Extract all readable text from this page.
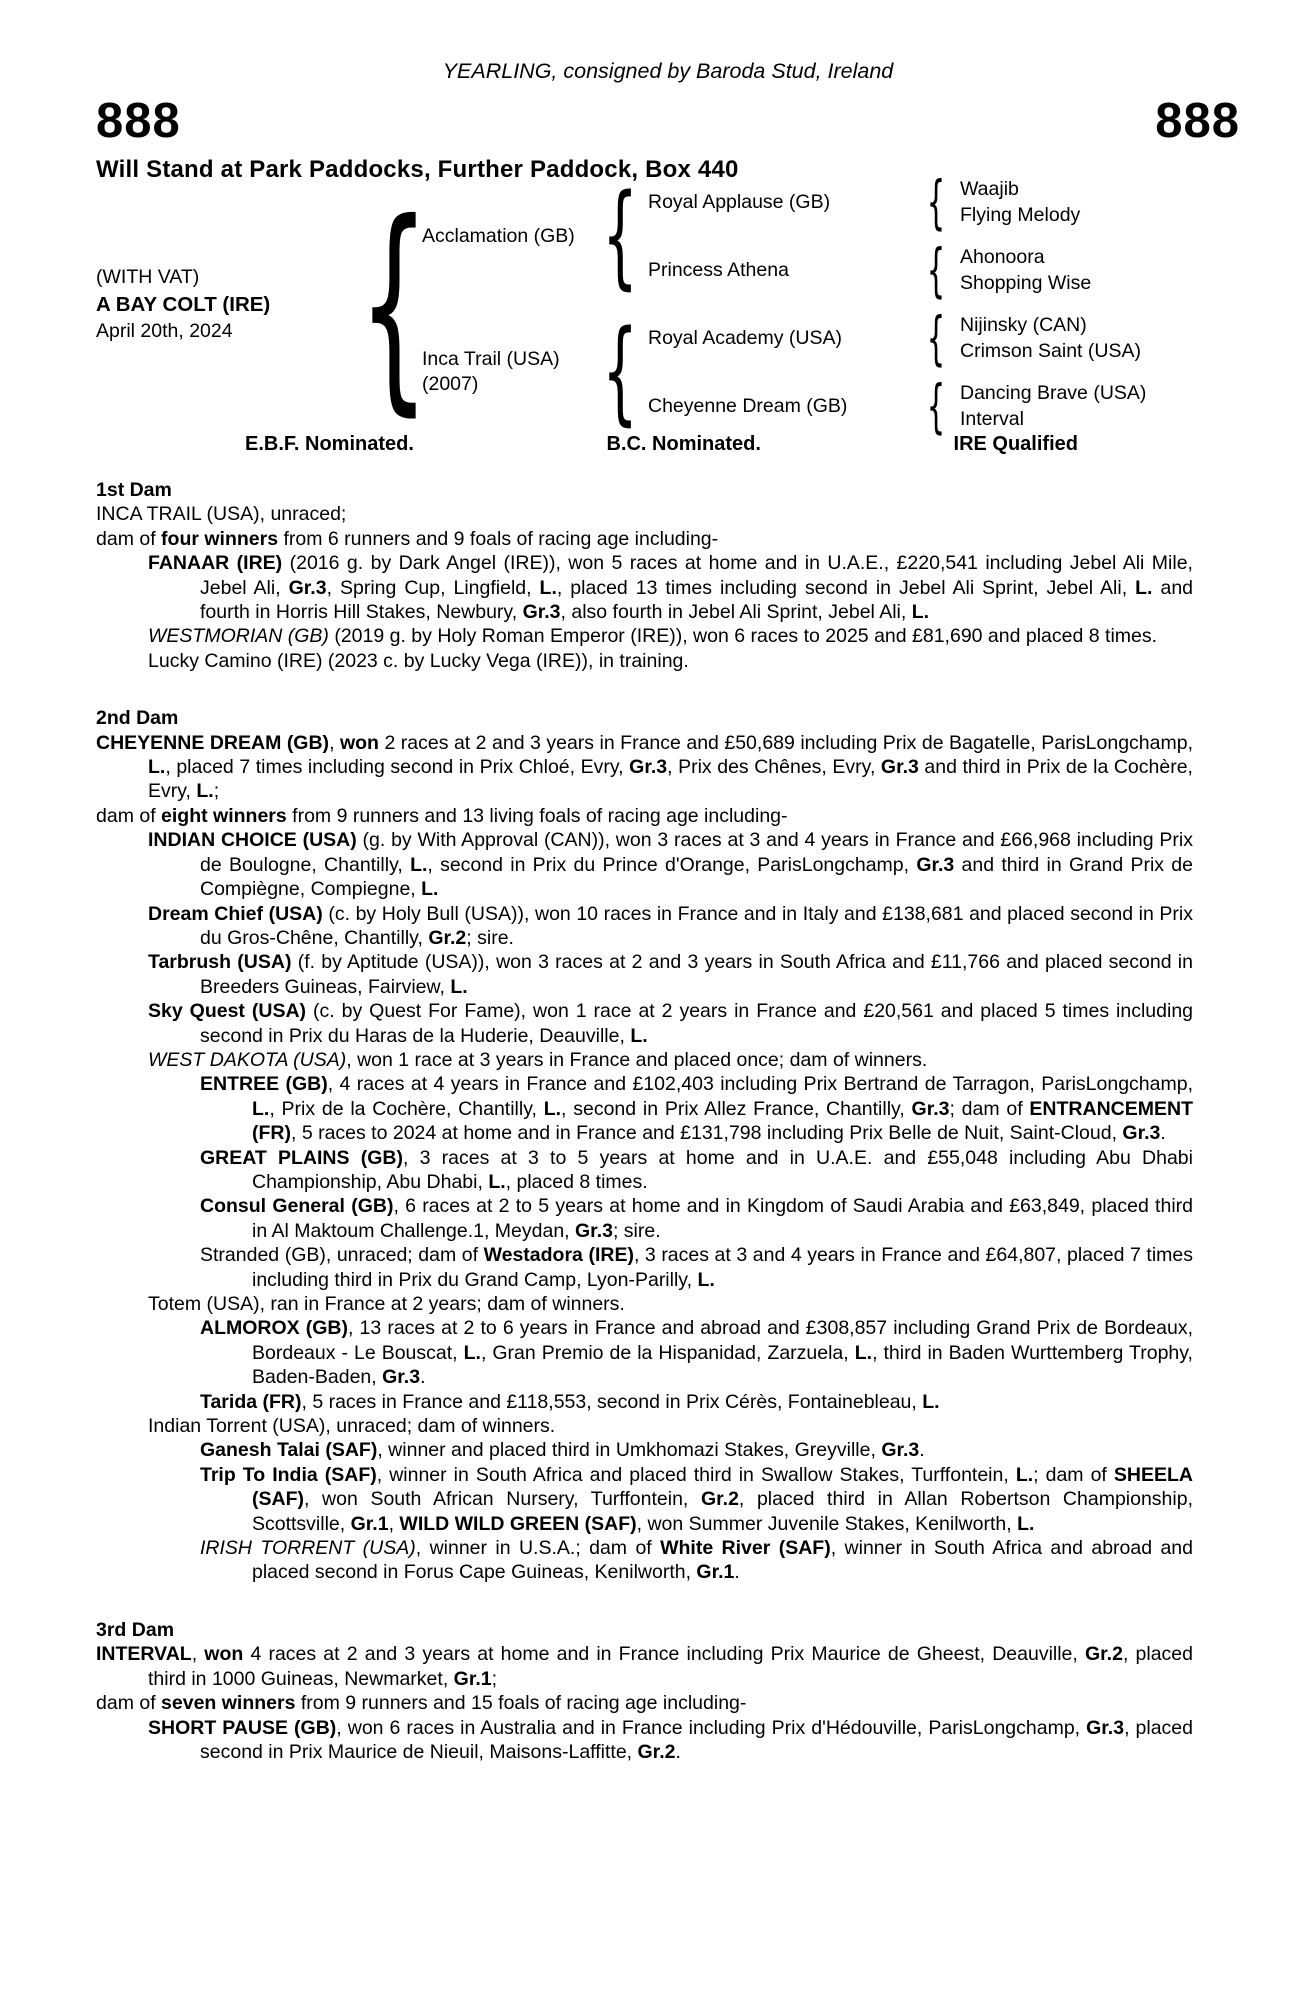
YEARLING, consigned by Baroda Stud, Ireland
888	888
Will Stand at Park Paddocks, Further Paddock, Box 440
(WITH VAT)
A BAY COLT (IRE)
April 20th, 2024 {
Acclamation (GB) { Royal Applause (GB)	{ Waajib
Flying Melody
Princess Athena	{ Ahonoora
Shopping Wise
Inca Trail (USA)
(2007)	{ Royal Academy (USA)	{ Nijinsky (CAN)
Crimson Saint (USA)
Cheyenne Dream (GB)	{ Dancing Brave (USA)
Interval
E.B.F. Nominated.	B.C. Nominated.	IRE Qualified
1st Dam

INCA TRAIL (USA), unraced;

dam of four winners from 6 runners and 9 foals of racing age including-

FANAAR (IRE) (2016 g. by Dark Angel (IRE)), won 5 races at home and in U.A.E., £220,541 including Jebel Ali Mile, Jebel Ali, Gr.3, Spring Cup, Lingfield, L., placed 13 times including second in Jebel Ali Sprint, Jebel Ali, L. and fourth in Horris Hill Stakes, Newbury, Gr.3, also fourth in Jebel Ali Sprint, Jebel Ali, L.

WESTMORIAN (GB) (2019 g. by Holy Roman Emperor (IRE)), won 6 races to 2025 and £81,690 and placed 8 times.

Lucky Camino (IRE) (2023 c. by Lucky Vega (IRE)), in training.

2nd Dam

CHEYENNE DREAM (GB), won 2 races at 2 and 3 years in France and £50,689 including Prix de Bagatelle, ParisLongchamp, L., placed 7 times including second in Prix Chloé, Evry, Gr.3, Prix des Chênes, Evry, Gr.3 and third in Prix de la Cochère, Evry, L.;

dam of eight winners from 9 runners and 13 living foals of racing age including-

INDIAN CHOICE (USA) (g. by With Approval (CAN)), won 3 races at 3 and 4 years in France and £66,968 including Prix de Boulogne, Chantilly, L., second in Prix du Prince d'Orange, ParisLongchamp, Gr.3 and third in Grand Prix de Compiègne, Compiegne, L.

Dream Chief (USA) (c. by Holy Bull (USA)), won 10 races in France and in Italy and £138,681 and placed second in Prix du Gros-Chêne, Chantilly, Gr.2; sire.

Tarbrush (USA) (f. by Aptitude (USA)), won 3 races at 2 and 3 years in South Africa and £11,766 and placed second in Breeders Guineas, Fairview, L.

Sky Quest (USA) (c. by Quest For Fame), won 1 race at 2 years in France and £20,561 and placed 5 times including second in Prix du Haras de la Huderie, Deauville, L.

WEST DAKOTA (USA), won 1 race at 3 years in France and placed once; dam of winners.

ENTREE (GB), 4 races at 4 years in France and £102,403 including Prix Bertrand de Tarragon, ParisLongchamp, L., Prix de la Cochère, Chantilly, L., second in Prix Allez France, Chantilly, Gr.3; dam of ENTRANCEMENT (FR), 5 races to 2024 at home and in France and £131,798 including Prix Belle de Nuit, Saint-Cloud, Gr.3.

GREAT PLAINS (GB), 3 races at 3 to 5 years at home and in U.A.E. and £55,048 including Abu Dhabi Championship, Abu Dhabi, L., placed 8 times.

Consul General (GB), 6 races at 2 to 5 years at home and in Kingdom of Saudi Arabia and £63,849, placed third in Al Maktoum Challenge.1, Meydan, Gr.3; sire.

Stranded (GB), unraced; dam of Westadora (IRE), 3 races at 3 and 4 years in France and £64,807, placed 7 times including third in Prix du Grand Camp, Lyon-Parilly, L.

Totem (USA), ran in France at 2 years; dam of winners.

ALMOROX (GB), 13 races at 2 to 6 years in France and abroad and £308,857 including Grand Prix de Bordeaux, Bordeaux - Le Bouscat, L., Gran Premio de la Hispanidad, Zarzuela, L., third in Baden Wurttemberg Trophy, Baden-Baden, Gr.3.

Tarida (FR), 5 races in France and £118,553, second in Prix Cérès, Fontainebleau, L.

Indian Torrent (USA), unraced; dam of winners.

Ganesh Talai (SAF), winner and placed third in Umkhomazi Stakes, Greyville, Gr.3.

Trip To India (SAF), winner in South Africa and placed third in Swallow Stakes, Turffontein, L.; dam of SHEELA (SAF), won South African Nursery, Turffontein, Gr.2, placed third in Allan Robertson Championship, Scottsville, Gr.1, WILD WILD GREEN (SAF), won Summer Juvenile Stakes, Kenilworth, L.

IRISH TORRENT (USA), winner in U.S.A.; dam of White River (SAF), winner in South Africa and abroad and placed second in Forus Cape Guineas, Kenilworth, Gr.1.

3rd Dam

INTERVAL, won 4 races at 2 and 3 years at home and in France including Prix Maurice de Gheest, Deauville, Gr.2, placed third in 1000 Guineas, Newmarket, Gr.1;

dam of seven winners from 9 runners and 15 foals of racing age including-

SHORT PAUSE (GB), won 6 races in Australia and in France including Prix d'Hédouville, ParisLongchamp, Gr.3, placed second in Prix Maurice de Nieuil, Maisons-Laffitte, Gr.2.
